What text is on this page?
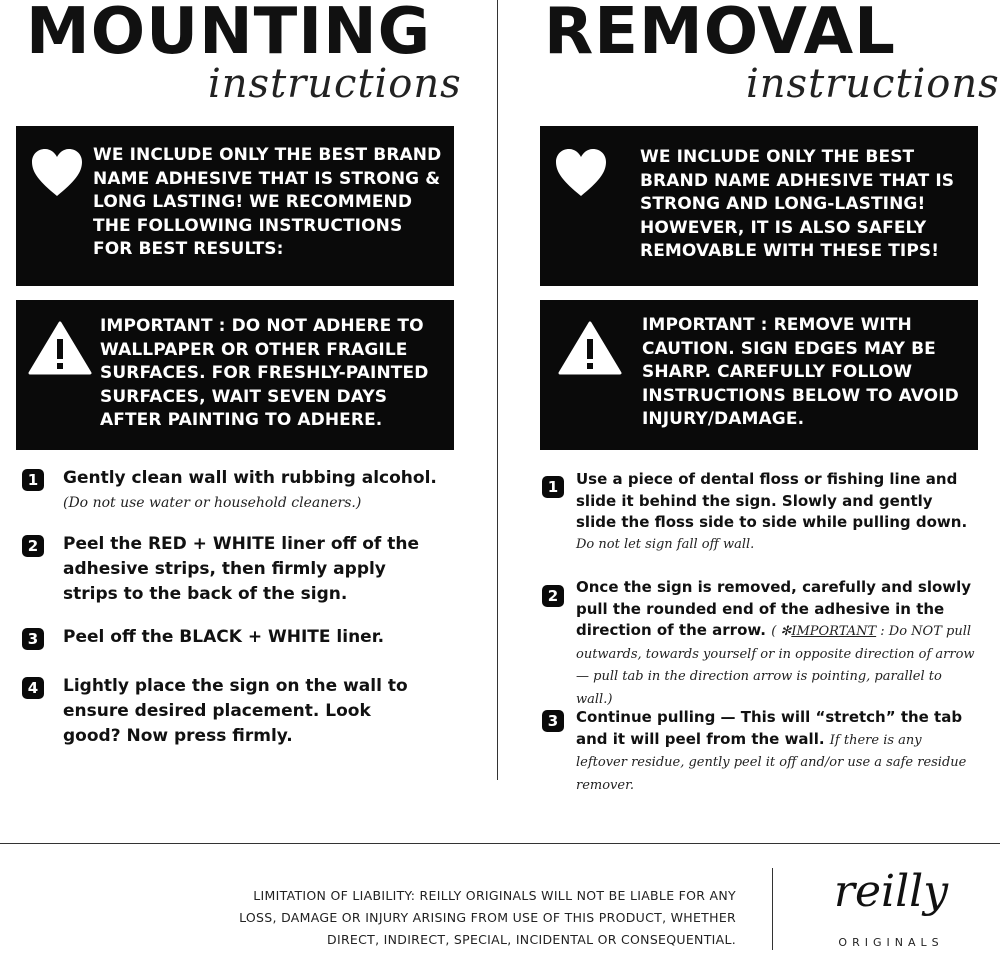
MOUNTING
instructions
WE INCLUDE ONLY THE BEST BRAND NAME ADHESIVE THAT IS STRONG & LONG LASTING! WE RECOMMEND THE FOLLOWING INSTRUCTIONS FOR BEST RESULTS:
IMPORTANT : DO NOT ADHERE TO WALLPAPER OR OTHER FRAGILE SURFACES. FOR FRESHLY-PAINTED SURFACES, WAIT SEVEN DAYS AFTER PAINTING TO ADHERE.
1	Gently clean wall with rubbing alcohol.
(Do not use water or household cleaners.)
2	Peel the RED + WHITE liner off of the adhesive strips, then firmly apply strips to the back of the sign.
3	Peel off the BLACK + WHITE liner.
4	Lightly place the sign on the wall to ensure desired placement. Look good? Now press firmly.
REMOVAL
instructions
WE INCLUDE ONLY THE BEST BRAND NAME ADHESIVE THAT IS STRONG AND LONG-LASTING! HOWEVER, IT IS ALSO SAFELY REMOVABLE WITH THESE TIPS!
IMPORTANT : REMOVE WITH CAUTION. SIGN EDGES MAY BE SHARP. CAREFULLY FOLLOW INSTRUCTIONS BELOW TO AVOID INJURY/DAMAGE.
1	Use a piece of dental floss or fishing line and slide it behind the sign. Slowly and gently slide the floss side to side while pulling down.
Do not let sign fall off wall.
2	Once the sign is removed, carefully and slowly pull the rounded end of the adhesive in the direction of the arrow. ( ✻IMPORTANT : Do NOT pull outwards, towards yourself or in opposite direction of arrow — pull tab in the direction arrow is pointing, parallel to wall.)
3	Continue pulling — This will “stretch” the tab and it will peel from the wall. If there is any leftover residue, gently peel it off and/or use a safe residue remover.
LIMITATION OF LIABILITY: REILLY ORIGINALS WILL NOT BE LIABLE FOR ANY
LOSS, DAMAGE OR INJURY ARISING FROM USE OF THIS PRODUCT, WHETHER
DIRECT, INDIRECT, SPECIAL, INCIDENTAL OR CONSEQUENTIAL.
reilly
ORIGINALS
